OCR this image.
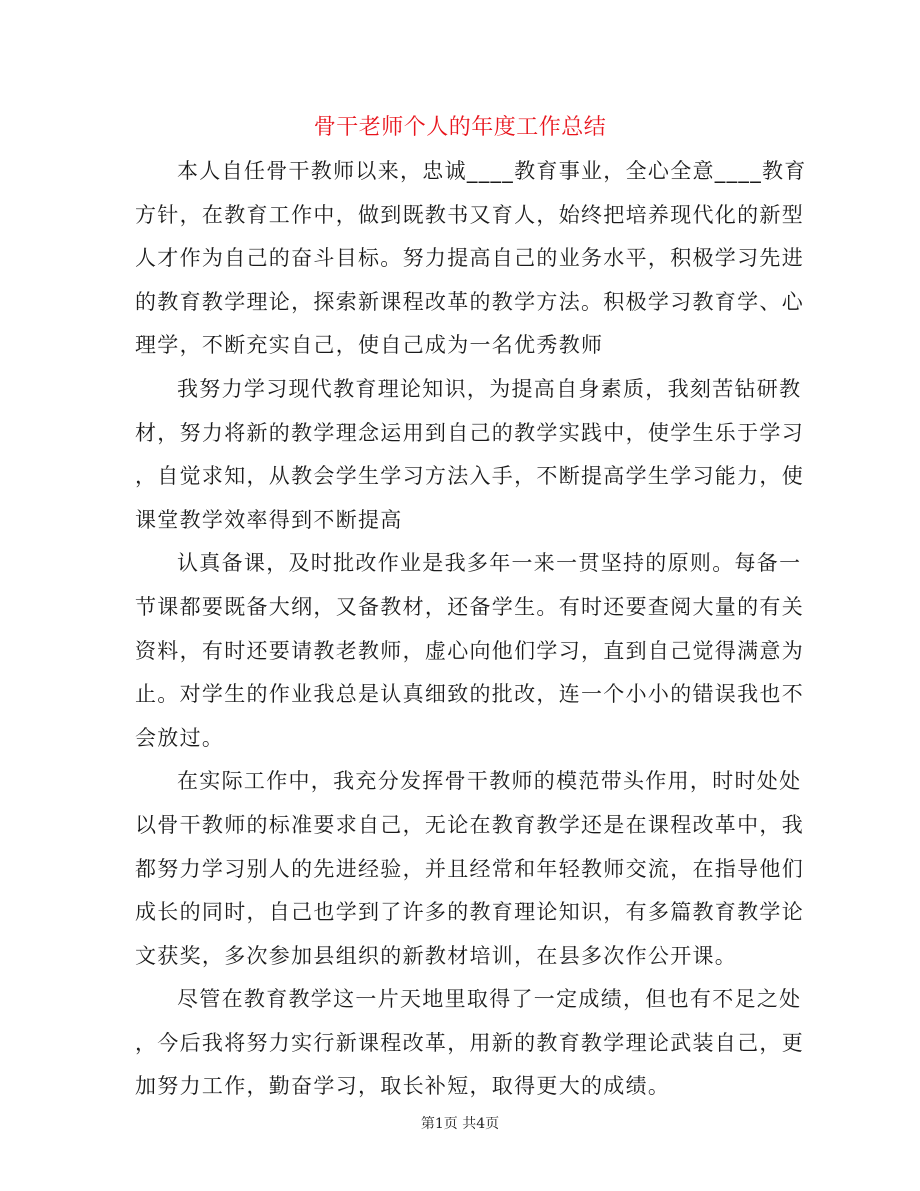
骨干老师个人的年度工作总结
本人自任骨干教师以来，忠诚____教育事业，全心全意____教育
方针，在教育工作中，做到既教书又育人，始终把培养现代化的新型
人才作为自己的奋斗目标。努力提高自己的业务水平，积极学习先进
的教育教学理论，探索新课程改革的教学方法。积极学习教育学、心
理学，不断充实自己，使自己成为一名优秀教师
我努力学习现代教育理论知识，为提高自身素质，我刻苦钻研教
材，努力将新的教学理念运用到自己的教学实践中，使学生乐于学习
，自觉求知，从教会学生学习方法入手，不断提高学生学习能力，使
课堂教学效率得到不断提高
认真备课，及时批改作业是我多年一来一贯坚持的原则。每备一
节课都要既备大纲，又备教材，还备学生。有时还要查阅大量的有关
资料，有时还要请教老教师，虚心向他们学习，直到自己觉得满意为
止。对学生的作业我总是认真细致的批改，连一个小小的错误我也不
会放过。
在实际工作中，我充分发挥骨干教师的模范带头作用，时时处处
以骨干教师的标准要求自己，无论在教育教学还是在课程改革中，我
都努力学习别人的先进经验，并且经常和年轻教师交流，在指导他们
成长的同时，自己也学到了许多的教育理论知识，有多篇教育教学论
文获奖，多次参加县组织的新教材培训，在县多次作公开课。
尽管在教育教学这一片天地里取得了一定成绩，但也有不足之处
，今后我将努力实行新课程改革，用新的教育教学理论武装自己，更
加努力工作，勤奋学习，取长补短，取得更大的成绩。
第1页 共4页
